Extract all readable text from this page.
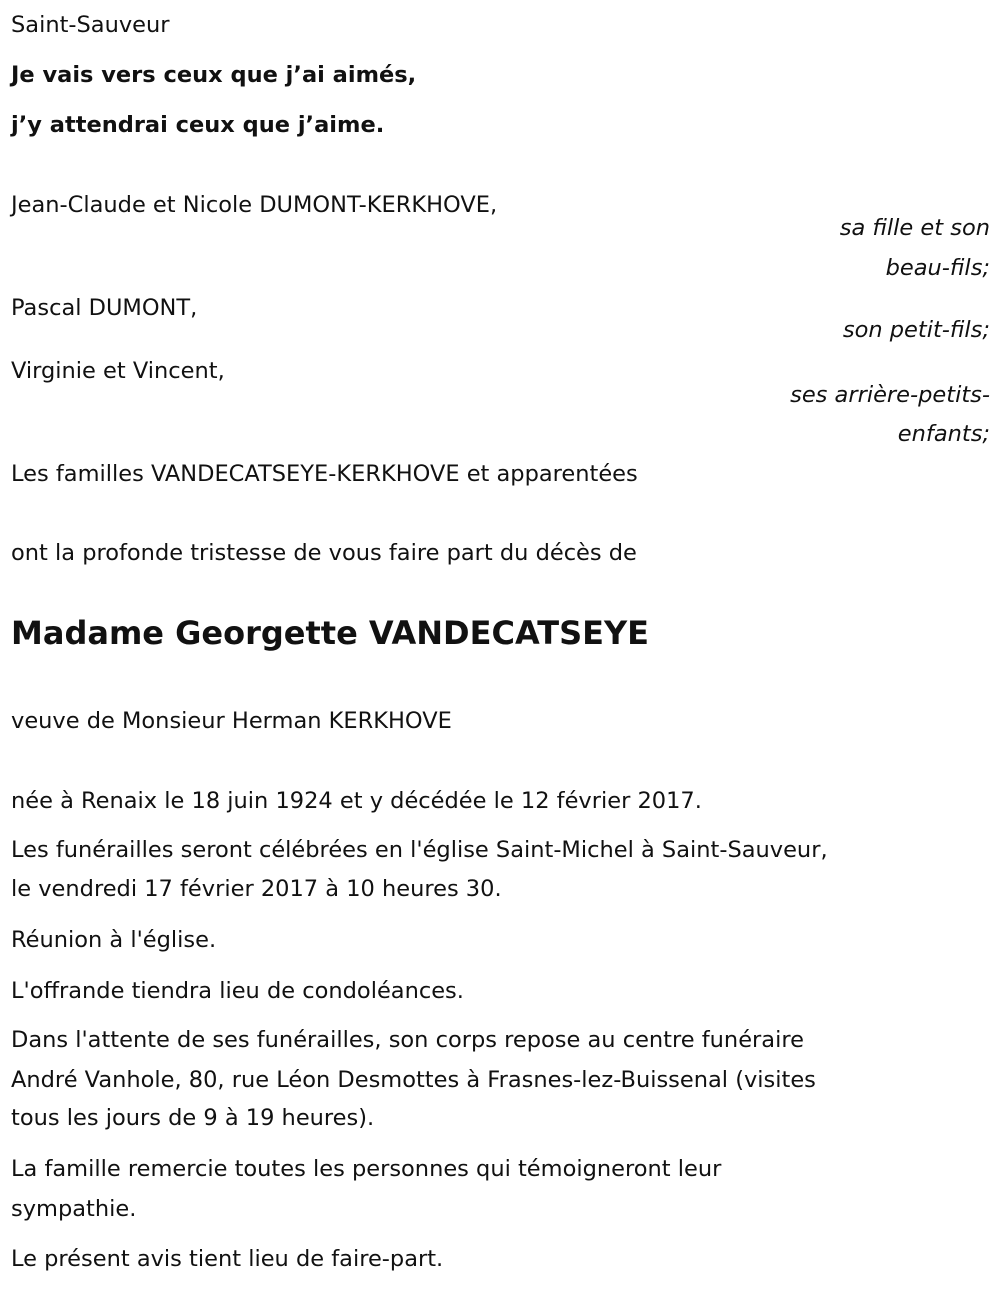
Saint-Sauveur
Je vais vers ceux que j’ai aimés,
j’y attendrai ceux que j’aime.
Jean-Claude et Nicole DUMONT-KERKHOVE,
sa fille et son
beau-fils;
Pascal DUMONT,
son petit-fils;
Virginie et Vincent,
ses arrière-petits-
enfants;
Les familles VANDECATSEYE-KERKHOVE et apparentées
ont la profonde tristesse de vous faire part du décès de
Madame Georgette VANDECATSEYE
veuve de Monsieur Herman KERKHOVE
née à Renaix le 18 juin 1924 et y décédée le 12 février 2017.
Les funérailles seront célébrées en l'église Saint-Michel à Saint-Sauveur,
le vendredi 17 février 2017 à 10 heures 30.
Réunion à l'église.
L'offrande tiendra lieu de condoléances.
Dans l'attente de ses funérailles, son corps repose au centre funéraire
André Vanhole, 80, rue Léon Desmottes à Frasnes-lez-Buissenal (visites
tous les jours de 9 à 19 heures).
La famille remercie toutes les personnes qui témoigneront leur
sympathie.
Le présent avis tient lieu de faire-part.
